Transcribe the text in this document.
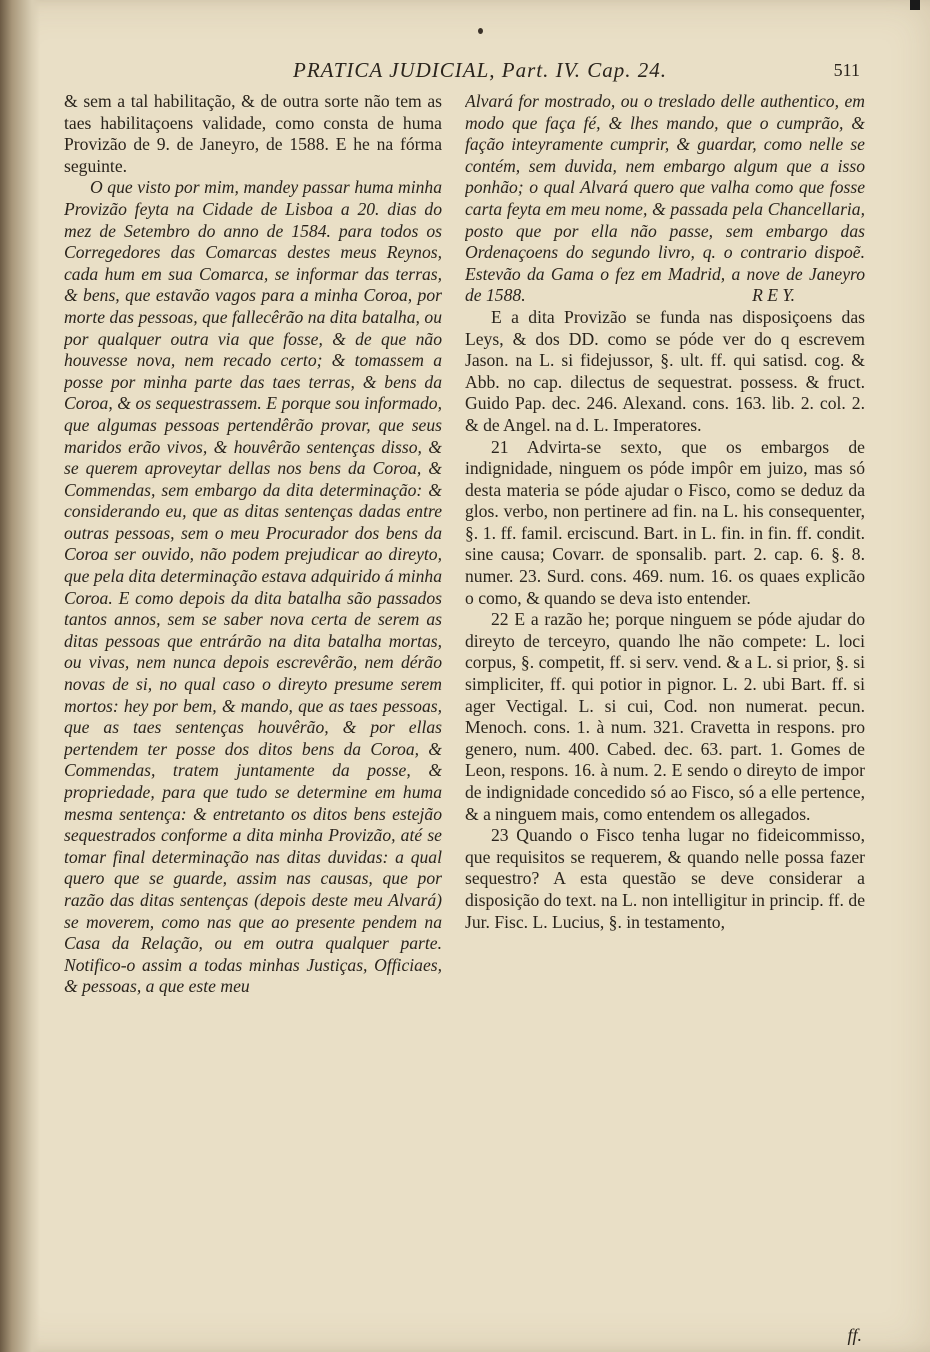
PRATICA JUDICIAL, Part. IV. Cap. 24.	511

& sem a tal habilitação, & de outra sorte não tem as taes habilitaçoens validade, como consta de huma Provizão de 9. de Janeyro, de 1588. E he na fórma seguinte.

O que visto por mim, mandey passar huma minha Provizão feyta na Cidade de Lisboa a 20. dias do mez de Setembro do anno de 1584. para todos os Corregedores das Comarcas destes meus Reynos, cada hum em sua Comarca, se informar das terras, & bens, que estavão vagos para a minha Coroa, por morte das pessoas, que fallecêrão na dita batalha, ou por qualquer outra via que fosse, & de que não houvesse nova, nem recado certo; & tomassem a posse por minha parte das taes terras, & bens da Coroa, & os sequestrassem. E porque sou informado, que algumas pessoas pertendêrão provar, que seus maridos erão vivos, & houvêrão sentenças disso, & se querem aproveytar dellas nos bens da Coroa, & Commendas, sem embargo da dita determinação: & considerando eu, que as ditas sentenças dadas entre outras pessoas, sem o meu Procurador dos bens da Coroa ser ouvido, não podem prejudicar ao direyto, que pela dita determinação estava adquirido á minha Coroa. E como depois da dita batalha são passados tantos annos, sem se saber nova certa de serem as ditas pessoas que entrárão na dita batalha mortas, ou vivas, nem nunca depois escrevêrão, nem dérão novas de si, no qual caso o direyto presume serem mortos: hey por bem, & mando, que as taes pessoas, que as taes sentenças houvêrão, & por ellas pertendem ter posse dos ditos bens da Coroa, & Commendas, tratem juntamente da posse, & propriedade, para que tudo se determine em huma mesma sentença: & entretanto os ditos bens estejão sequestrados conforme a dita minha Provizão, até se tomar final determinação nas ditas duvidas: a qual quero que se guarde, assim nas causas, que por razão das ditas sentenças (depois deste meu Alvará) se moverem, como nas que ao presente pendem na Casa da Relação, ou em outra qualquer parte. Notifico-o assim a todas minhas Justiças, Officiaes, & pessoas, a que este meu

Alvará for mostrado, ou o treslado delle authentico, em modo que faça fé, & lhes mando, que o cumprão, & fação inteyramente cumprir, & guardar, como nelle se contém, sem duvida, nem embargo algum que a isso ponhão; o qual Alvará quero que valha como que fosse carta feyta em meu nome, & passada pela Chancellaria, posto que por ella não passe, sem embargo das Ordenaçoens do segundo livro, q. o contrario dispoẽ. Estevão da Gama o fez em Madrid, a nove de Janeyro de 1588.	R E Y.

E a dita Provizão se funda nas disposiçoens das Leys, & dos DD. como se póde ver do q escrevem Jason. na L. si fidejussor, §. ult. ff. qui satisd. cog. & Abb. no cap. dilectus de sequestrat. possess. & fruct. Guido Pap. dec. 246. Alexand. cons. 163. lib. 2. col. 2. & de Angel. na d. L. Imperatores.

21 Advirta-se sexto, que os embargos de indignidade, ninguem os póde impôr em juizo, mas só desta materia se póde ajudar o Fisco, como se deduz da glos. verbo, non pertinere ad fin. na L. his consequenter, §. 1. ff. famil. erciscund. Bart. in L. fin. in fin. ff. condit. sine causa; Covarr. de sponsalib. part. 2. cap. 6. §. 8. numer. 23. Surd. cons. 469. num. 16. os quaes explicão o como, & quando se deva isto entender.

22 E a razão he; porque ninguem se póde ajudar do direyto de terceyro, quando lhe não compete: L. loci corpus, §. competit, ff. si serv. vend. & a L. si prior, §. si simpliciter, ff. qui potior in pignor. L. 2. ubi Bart. ff. si ager Vectigal. L. si cui, Cod. non numerat. pecun. Menoch. cons. 1. à num. 321. Cravetta in respons. pro genero, num. 400. Cabed. dec. 63. part. 1. Gomes de Leon, respons. 16. à num. 2. E sendo o direyto de impor de indignidade concedido só ao Fisco, só a elle pertence, & a ninguem mais, como entendem os allegados.

23 Quando o Fisco tenha lugar no fideicommisso, que requisitos se requerem, & quando nelle possa fazer sequestro? A esta questão se deve considerar a disposição do text. na L. non intelligitur in princip. ff. de Jur. Fisc. L. Lucius, §. in testamento,

ff.
